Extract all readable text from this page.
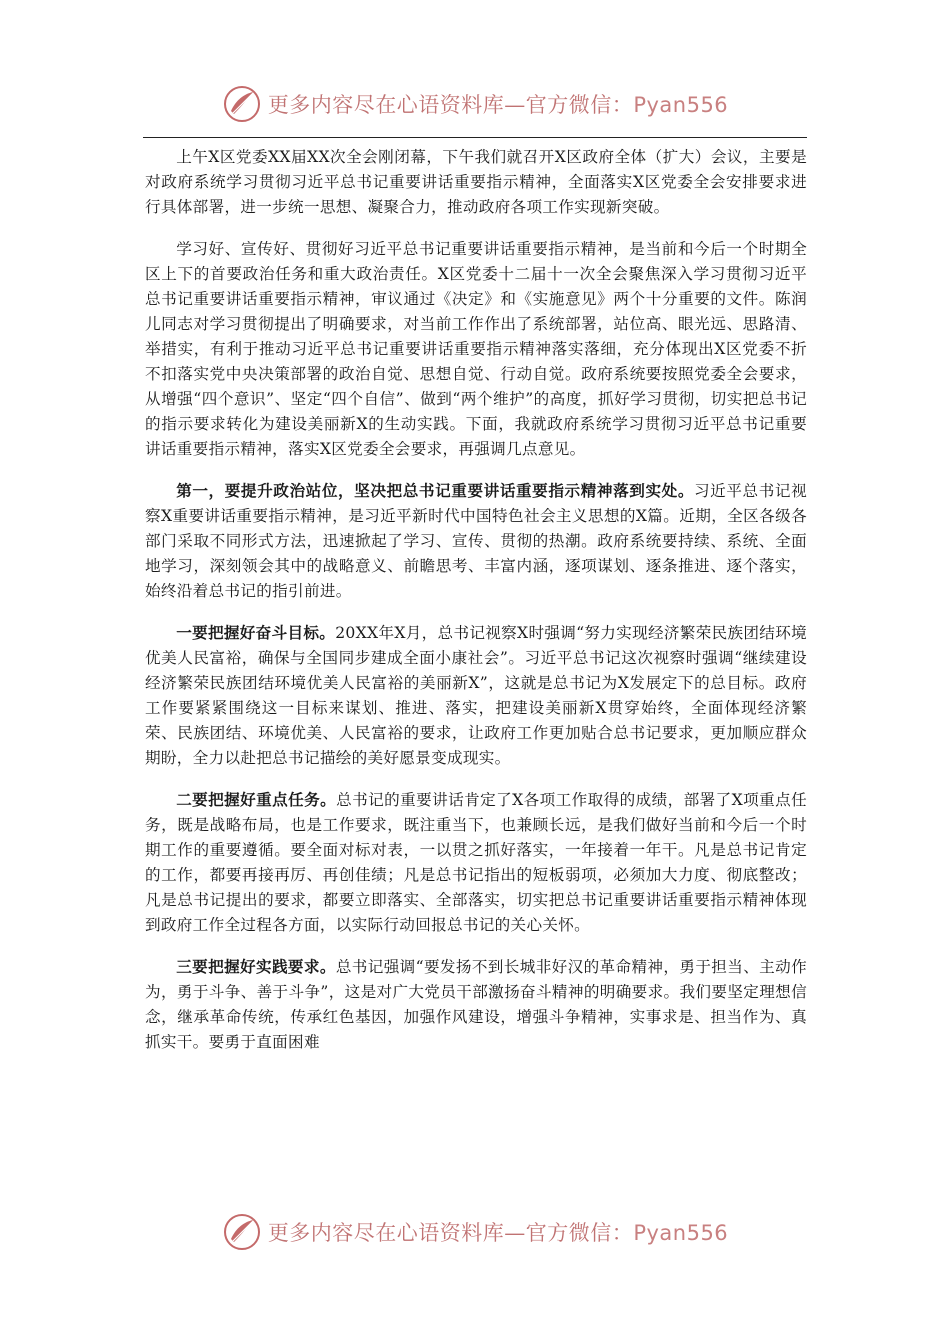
更多内容尽在心语资料库—官方微信：Pyan556

上午X区党委XX届XX次全会刚闭幕，下午我们就召开X区政府全体（扩大）会议，主要是对政府系统学习贯彻习近平总书记重要讲话重要指示精神，全面落实X区党委全会安排要求进行具体部署，进一步统一思想、凝聚合力，推动政府各项工作实现新突破。

学习好、宣传好、贯彻好习近平总书记重要讲话重要指示精神，是当前和今后一个时期全区上下的首要政治任务和重大政治责任。X区党委十二届十一次全会聚焦深入学习贯彻习近平总书记重要讲话重要指示精神，审议通过《决定》和《实施意见》两个十分重要的文件。陈润儿同志对学习贯彻提出了明确要求，对当前工作作出了系统部署，站位高、眼光远、思路清、举措实，有利于推动习近平总书记重要讲话重要指示精神落实落细，充分体现出X区党委不折不扣落实党中央决策部署的政治自觉、思想自觉、行动自觉。政府系统要按照党委全会要求，从增强“四个意识”、坚定“四个自信”、做到“两个维护”的高度，抓好学习贯彻，切实把总书记的指示要求转化为建设美丽新X的生动实践。下面，我就政府系统学习贯彻习近平总书记重要讲话重要指示精神，落实X区党委全会要求，再强调几点意见。

第一，要提升政治站位，坚决把总书记重要讲话重要指示精神落到实处。习近平总书记视察X重要讲话重要指示精神，是习近平新时代中国特色社会主义思想的X篇。近期，全区各级各部门采取不同形式方法，迅速掀起了学习、宣传、贯彻的热潮。政府系统要持续、系统、全面地学习，深刻领会其中的战略意义、前瞻思考、丰富内涵，逐项谋划、逐条推进、逐个落实，始终沿着总书记的指引前进。

一要把握好奋斗目标。20XX年X月，总书记视察X时强调“努力实现经济繁荣民族团结环境优美人民富裕，确保与全国同步建成全面小康社会”。习近平总书记这次视察时强调“继续建设经济繁荣民族团结环境优美人民富裕的美丽新X”，这就是总书记为X发展定下的总目标。政府工作要紧紧围绕这一目标来谋划、推进、落实，把建设美丽新X贯穿始终，全面体现经济繁荣、民族团结、环境优美、人民富裕的要求，让政府工作更加贴合总书记要求，更加顺应群众期盼，全力以赴把总书记描绘的美好愿景变成现实。

二要把握好重点任务。总书记的重要讲话肯定了X各项工作取得的成绩，部署了X项重点任务，既是战略布局，也是工作要求，既注重当下，也兼顾长远，是我们做好当前和今后一个时期工作的重要遵循。要全面对标对表，一以贯之抓好落实，一年接着一年干。凡是总书记肯定的工作，都要再接再厉、再创佳绩；凡是总书记指出的短板弱项，必须加大力度、彻底整改；凡是总书记提出的要求，都要立即落实、全部落实，切实把总书记重要讲话重要指示精神体现到政府工作全过程各方面，以实际行动回报总书记的关心关怀。

三要把握好实践要求。总书记强调“要发扬不到长城非好汉的革命精神，勇于担当、主动作为，勇于斗争、善于斗争”，这是对广大党员干部激扬奋斗精神的明确要求。我们要坚定理想信念，继承革命传统，传承红色基因，加强作风建设，增强斗争精神，实事求是、担当作为、真抓实干。要勇于直面困难

更多内容尽在心语资料库—官方微信：Pyan556
